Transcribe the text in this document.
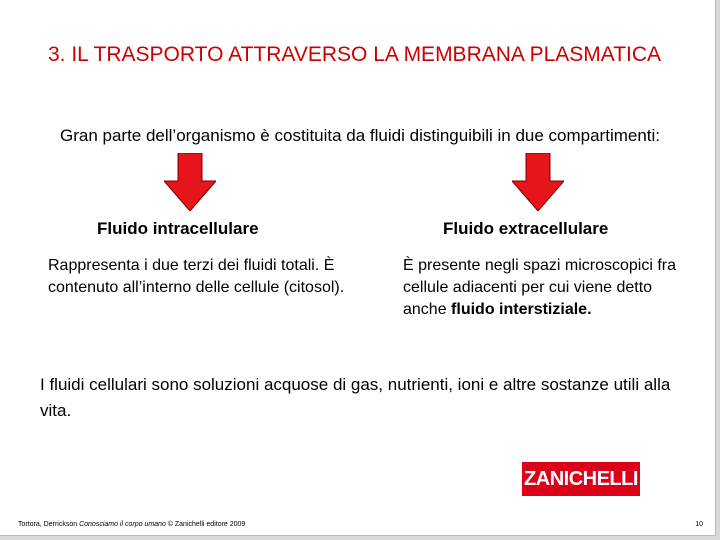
3. IL TRASPORTO ATTRAVERSO LA MEMBRANA PLASMATICA

Gran parte dell’organismo è costituita da fluidi distinguibili in due compartimenti:

Fluido intracellulare	Fluido extracellulare

Rappresenta i due terzi dei fluidi totali. È contenuto all’interno delle cellule (citosol).

È presente negli spazi microscopici fra cellule adiacenti per cui viene detto anche fluido interstiziale.

I fluidi cellulari sono soluzioni acquose di gas, nutrienti, ioni e altre sostanze utili alla vita.

ZANICHELLI
Tortora, Derrickson Conosciamo il corpo umano © Zanichelli editore 2009	10
